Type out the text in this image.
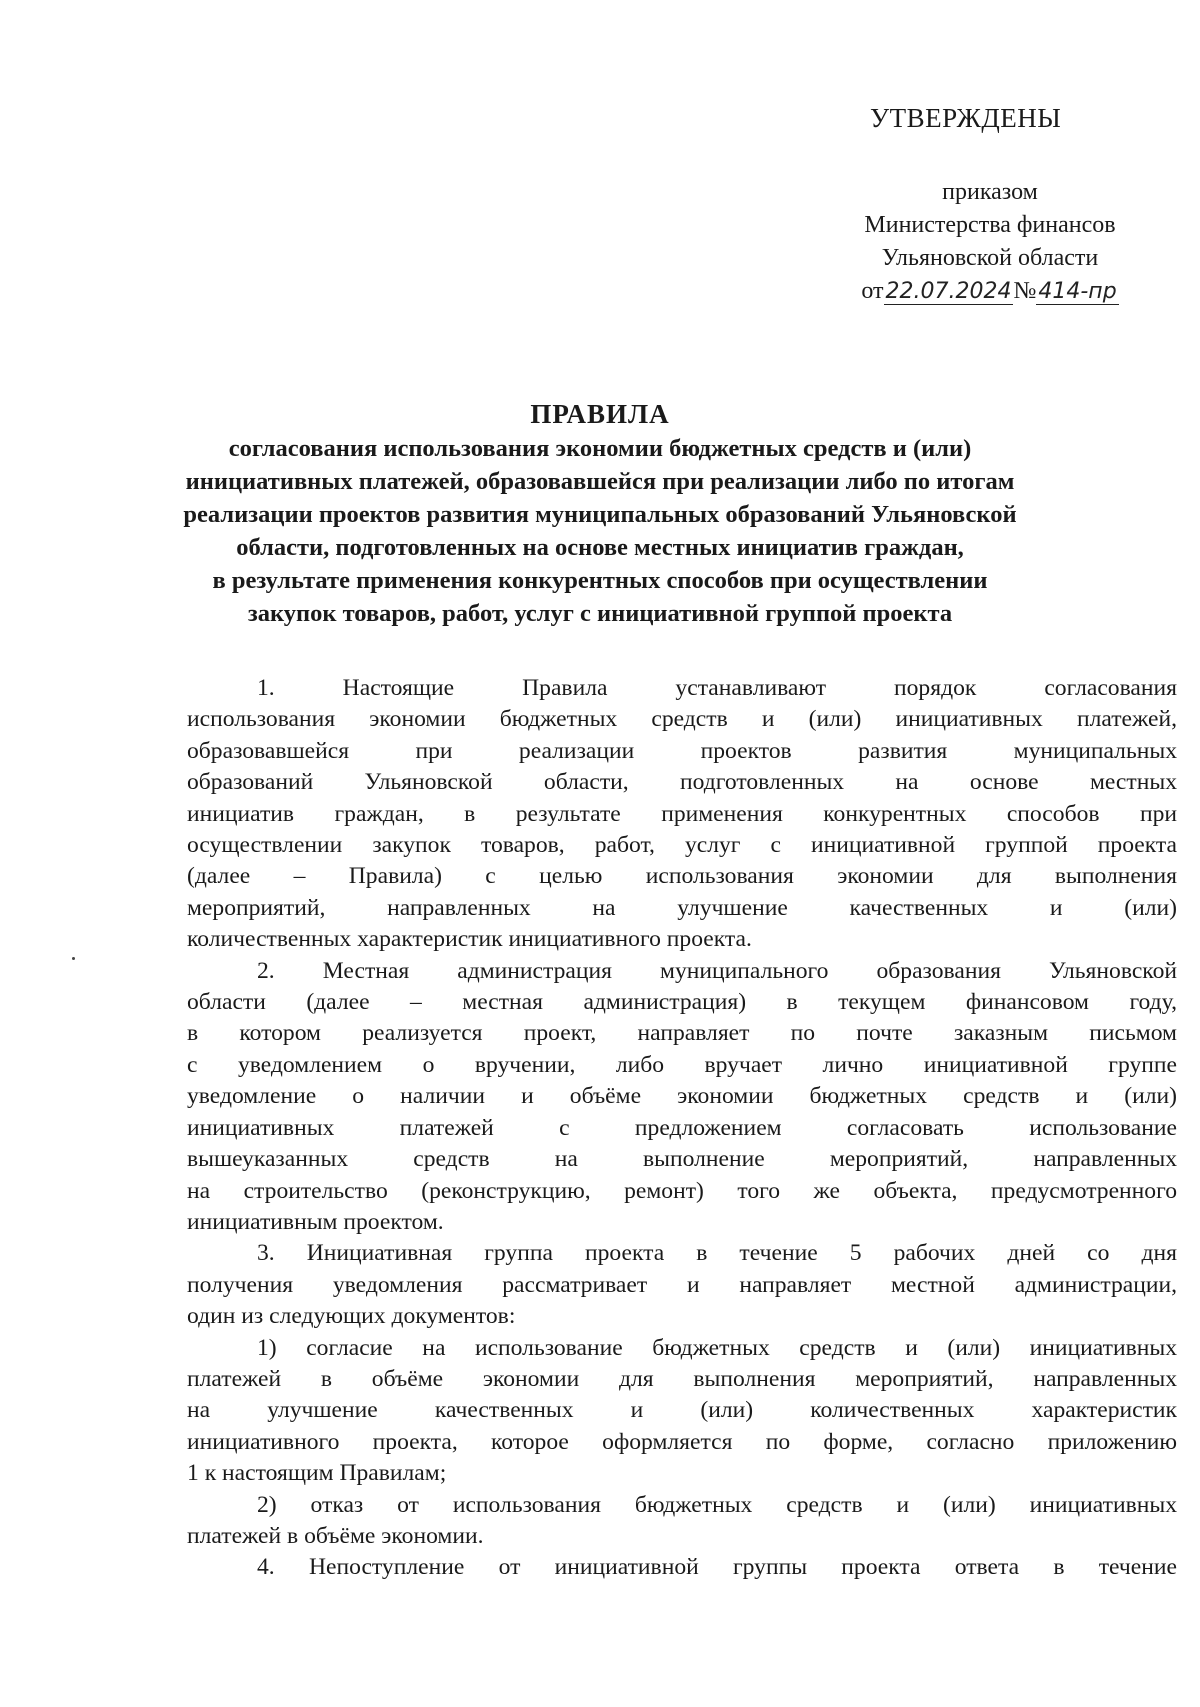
УТВЕРЖДЕНЫ
приказом
Министерства финансов
Ульяновской области
от22.07.2024№414-пр
ПРАВИЛА
согласования использования экономии бюджетных средств и (или)
инициативных платежей, образовавшейся при реализации либо по итогам
реализации проектов развития муниципальных образований Ульяновской
области, подготовленных на основе местных инициатив граждан,
в результате применения конкурентных способов при осуществлении
закупок товаров, работ, услуг с инициативной группой проекта
1. Настоящие Правила устанавливают порядок согласования
использования экономии бюджетных средств и (или) инициативных платежей,
образовавшейся при реализации проектов развития муниципальных
образований Ульяновской области, подготовленных на основе местных
инициатив граждан, в результате применения конкурентных способов при
осуществлении закупок товаров, работ, услуг с инициативной группой проекта
(далее – Правила) с целью использования экономии для выполнения
мероприятий, направленных на улучшение качественных и (или)
количественных характеристик инициативного проекта.
2. Местная администрация муниципального образования Ульяновской
области (далее – местная администрация) в текущем финансовом году,
в котором реализуется проект, направляет по почте заказным письмом
с уведомлением о вручении, либо вручает лично инициативной группе
уведомление о наличии и объёме экономии бюджетных средств и (или)
инициативных платежей с предложением согласовать использование
вышеуказанных средств на выполнение мероприятий, направленных
на строительство (реконструкцию, ремонт) того же объекта, предусмотренного
инициативным проектом.
3. Инициативная группа проекта в течение 5 рабочих дней со дня
получения уведомления рассматривает и направляет местной администрации,
один из следующих документов:
1) согласие на использование бюджетных средств и (или) инициативных
платежей в объёме экономии для выполнения мероприятий, направленных
на улучшение качественных и (или) количественных характеристик
инициативного проекта, которое оформляется по форме, согласно приложению
1 к настоящим Правилам;
2) отказ от использования бюджетных средств и (или) инициативных
платежей в объёме экономии.
4. Непоступление от инициативной группы проекта ответа в течение
